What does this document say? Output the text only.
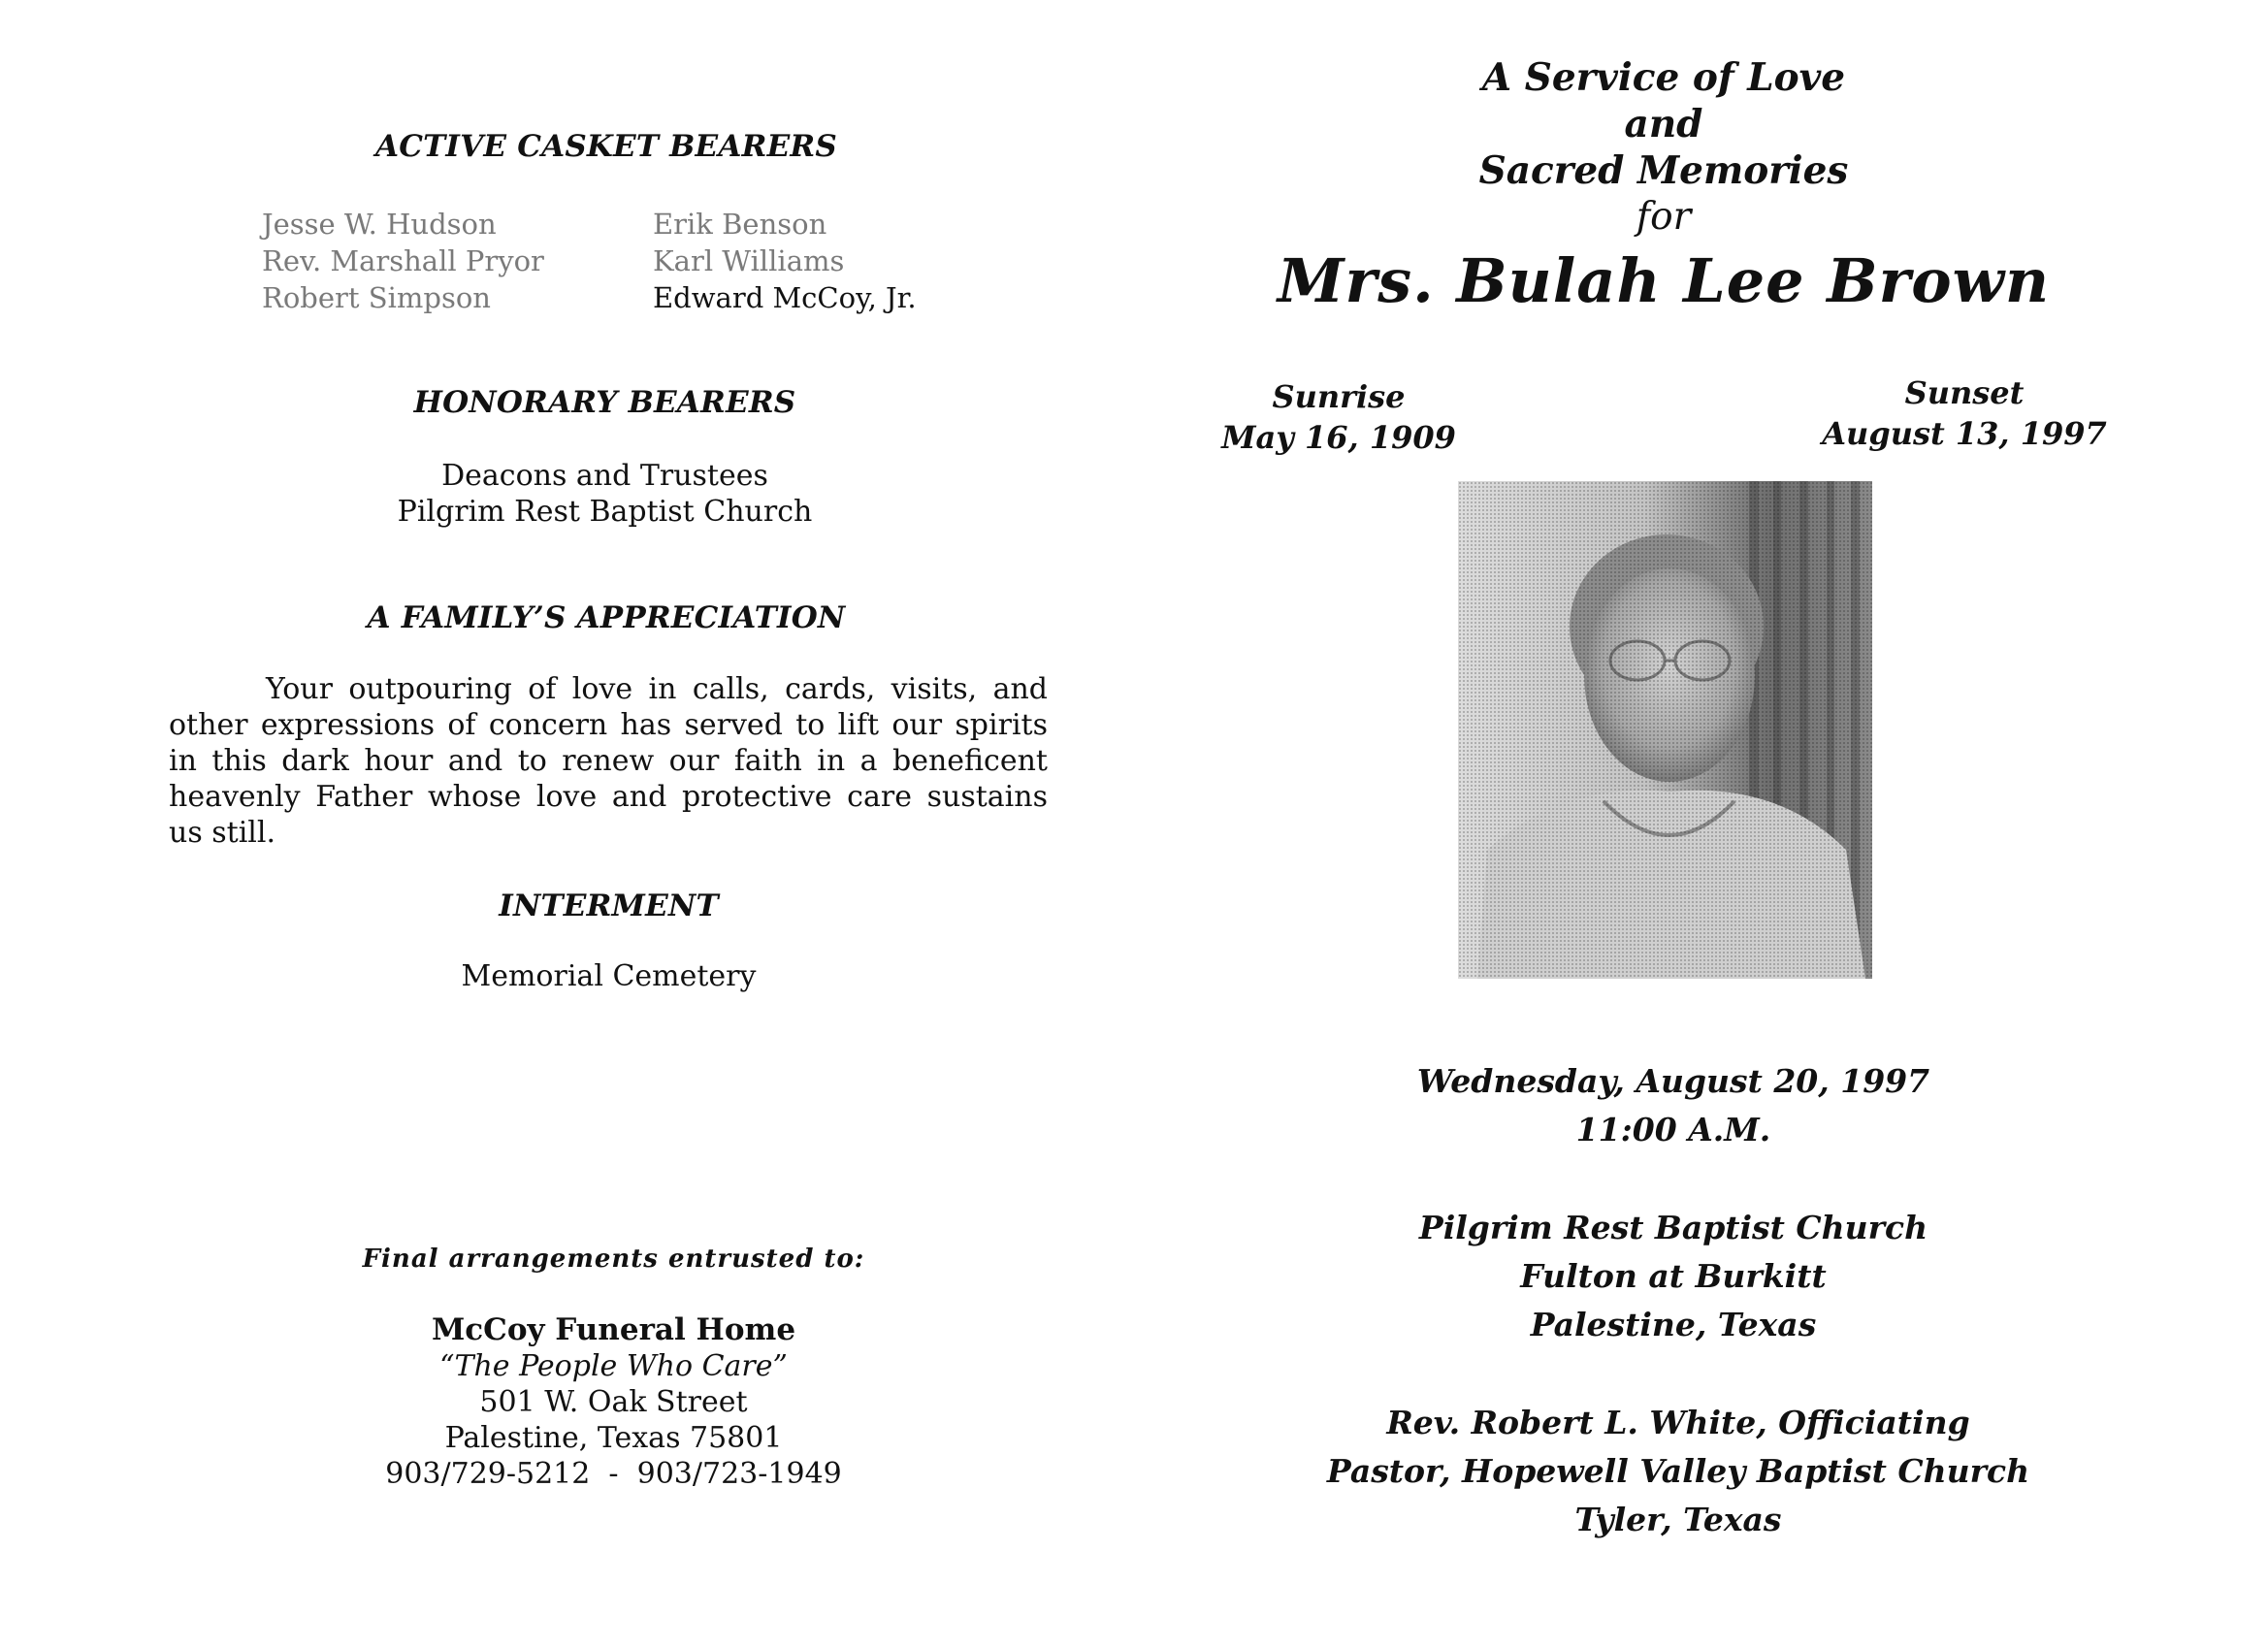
ACTIVE CASKET BEARERS
Jesse W. Hudson
Rev. Marshall Pryor
Robert Simpson
Erik Benson
Karl Williams
Edward McCoy, Jr.
HONORARY BEARERS
Deacons and Trustees
Pilgrim Rest Baptist Church
A FAMILY’S APPRECIATION
Your outpouring of love in calls, cards, visits, and other expressions of concern has served to lift our spirits in this dark hour and to renew our faith in a beneficent heavenly Father whose love and protective care sustains us still.
INTERMENT
Memorial Cemetery
Final arrangements entrusted to:
McCoy Funeral Home
“The People Who Care”
501 W. Oak Street
Palestine, Texas 75801
903/729-5212  -  903/723-1949
A Service of Love
and
Sacred Memories
for
Mrs. Bulah Lee Brown
Sunrise
May 16, 1909
Sunset
August 13, 1997
Wednesday, August 20, 1997
11:00 A.M.
Pilgrim Rest Baptist Church
Fulton at Burkitt
Palestine, Texas
Rev. Robert L. White, Officiating
Pastor, Hopewell Valley Baptist Church
Tyler, Texas
